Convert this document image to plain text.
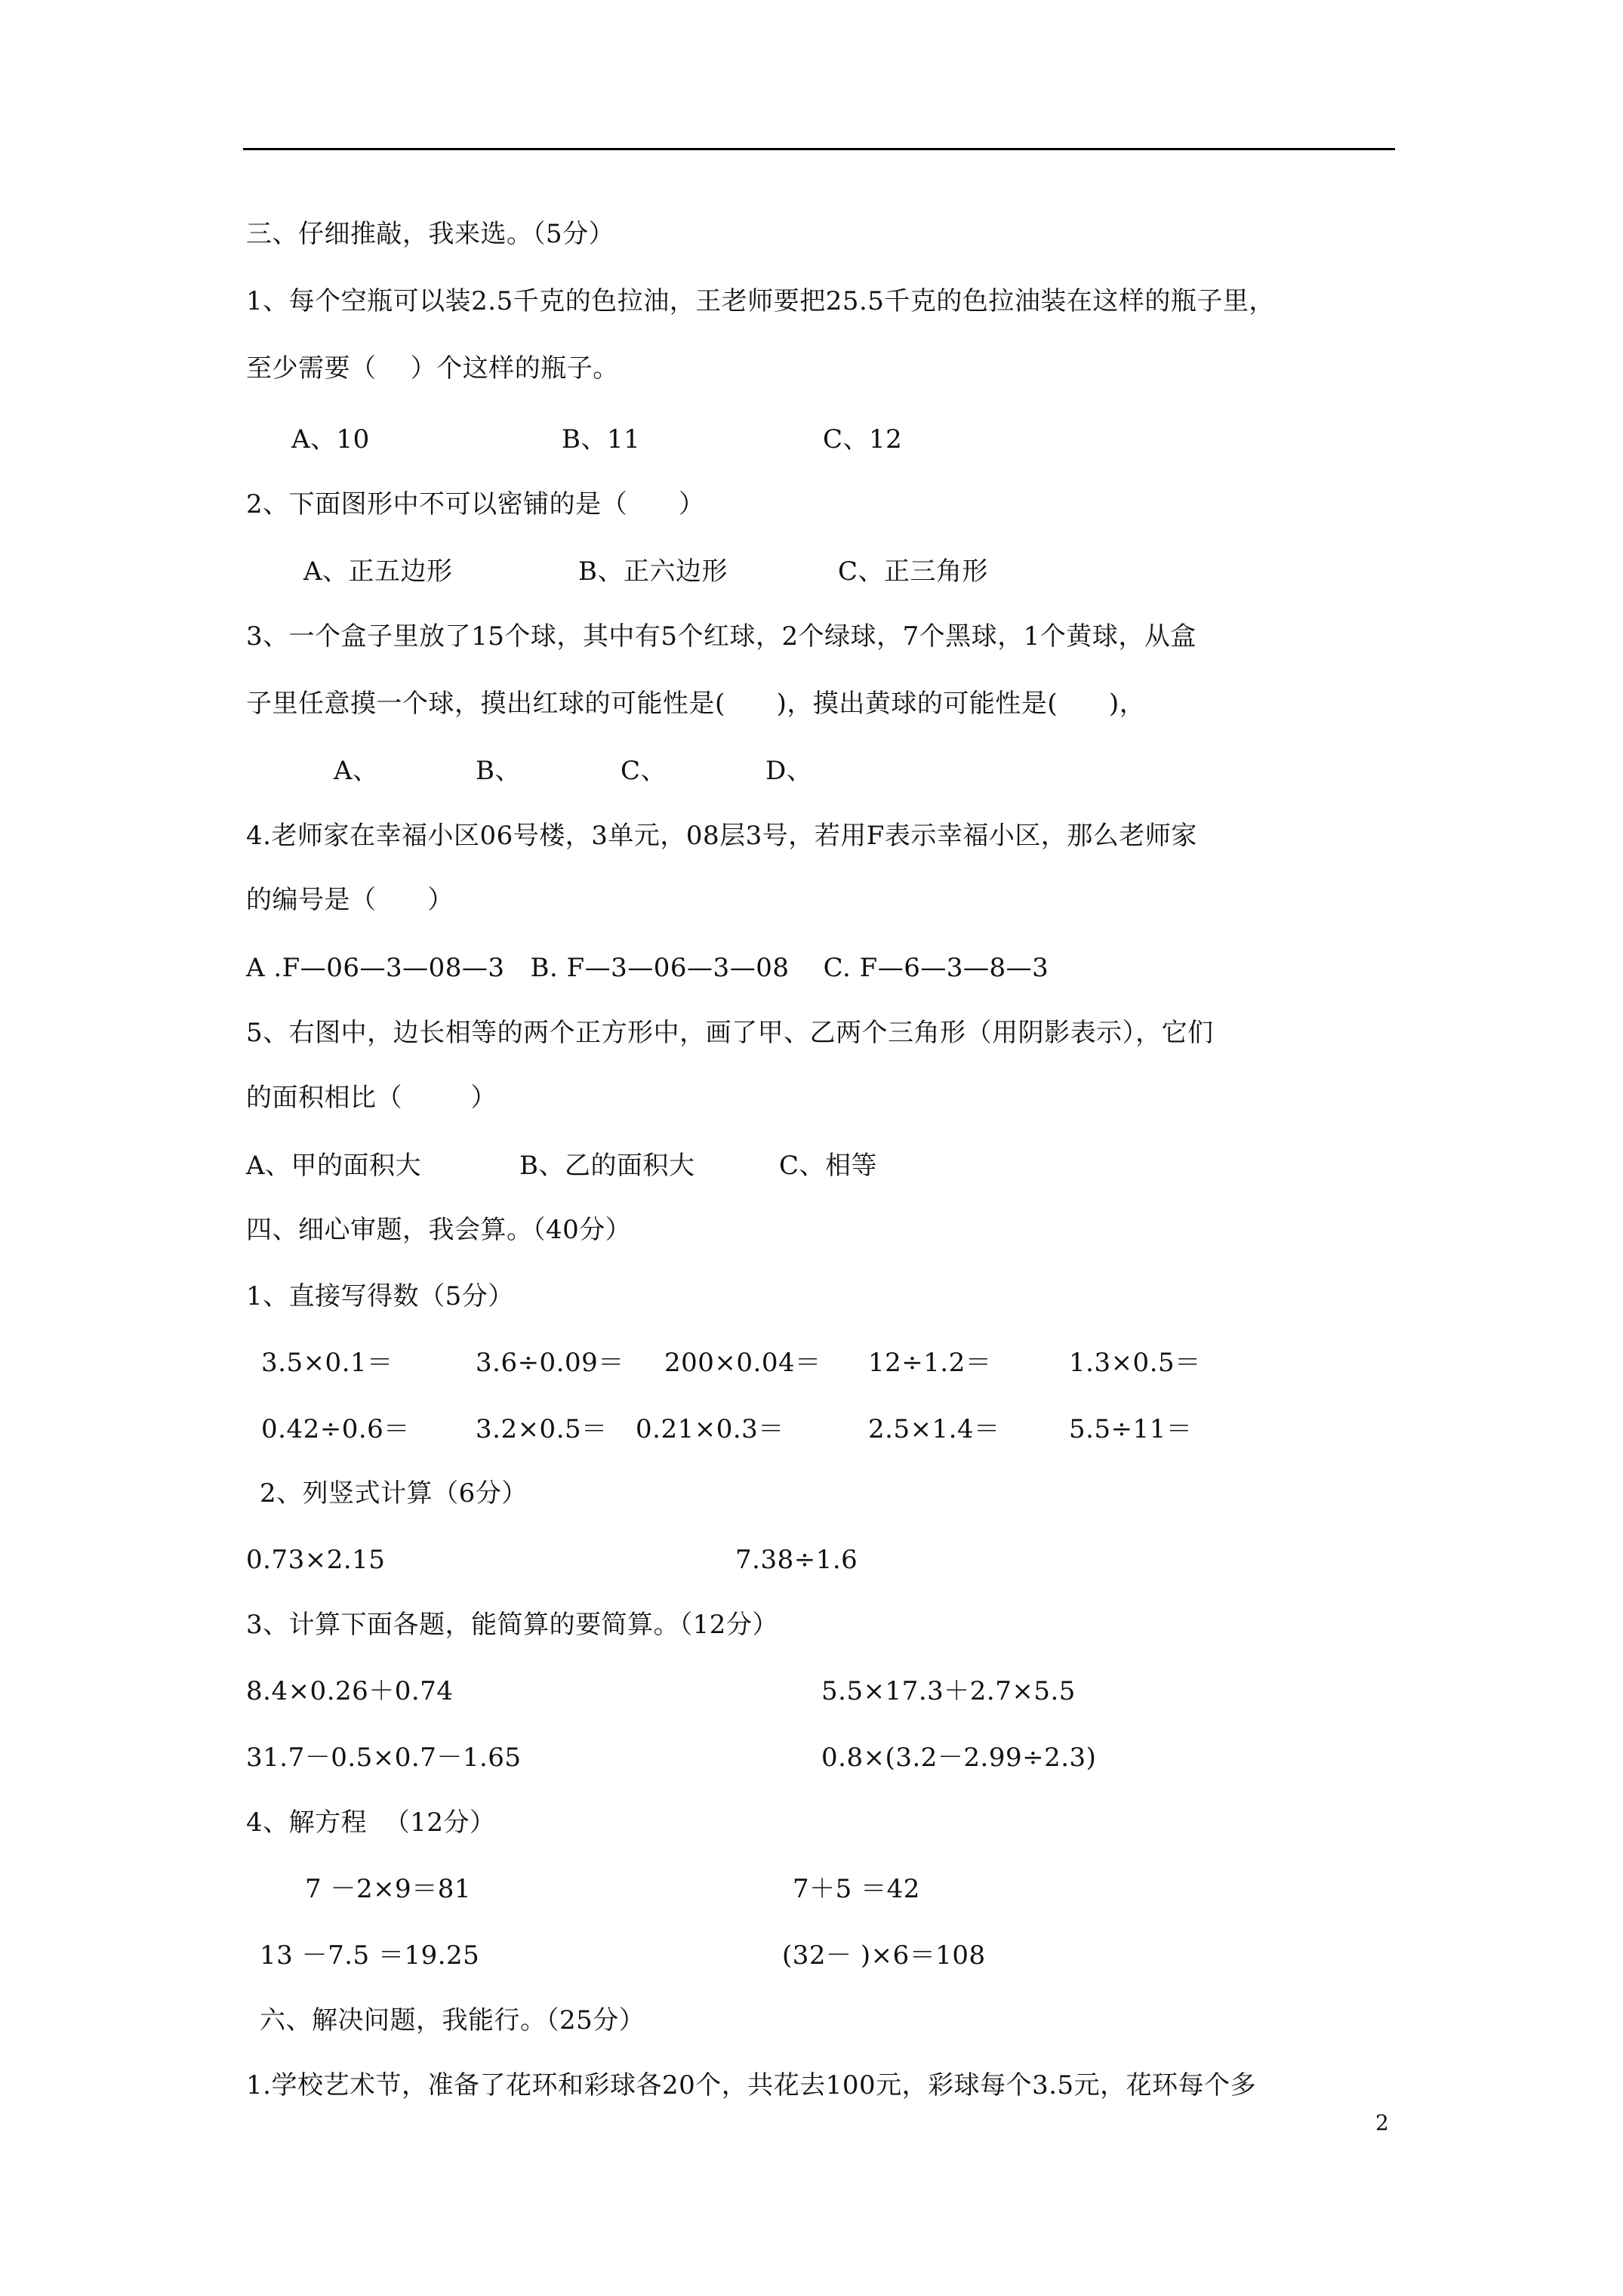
三、仔细推敲，我来选。（5分）
1、每个空瓶可以装2.5千克的色拉油，王老师要把25.5千克的色拉油装在这样的瓶子里，
至少需要（    ）个这样的瓶子。
A、10	B、11	C、12
2、下面图形中不可以密铺的是（      ）
A、正五边形	B、正六边形	C、正三角形
3、一个盒子里放了15个球，其中有5个红球，2个绿球，7个黑球，1个黄球，从盒
子里任意摸一个球，摸出红球的可能性是(      )，摸出黄球的可能性是(      )，
A、	B、	C、	D、
4.老师家在幸福小区06号楼，3单元，08层3号，若用F表示幸福小区，那么老师家
的编号是（      ）
A .F—06—3—08—3   B. F—3—06—3—08    C. F—6—3—8—3
5、右图中，边长相等的两个正方形中，画了甲、乙两个三角形（用阴影表示），它们
的面积相比（        ）
A、甲的面积大	B、乙的面积大	C、相等
四、细心审题，我会算。（40分）
1、直接写得数（5分）
3.5×0.1＝	3.6÷0.09＝ 200×0.04＝ 12÷1.2＝	1.3×0.5＝
0.42÷0.6＝	3.2×0.5＝ 0.21×0.3＝	2.5×1.4＝	5.5÷11＝
2、列竖式计算（6分）
0.73×2.15	7.38÷1.6
3、计算下面各题，能简算的要简算。（12分）
8.4×0.26＋0.74	5.5×17.3＋2.7×5.5
31.7－0.5×0.7－1.65	0.8×(3.2－2.99÷2.3)
4、解方程  （12分）
7 －2×9＝81	7＋5 ＝42
13 －7.5 ＝19.25	(32－ )×6＝108
六、解决问题，我能行。（25分）
1.学校艺术节，准备了花环和彩球各20个，共花去100元，彩球每个3.5元，花环每个多
2
